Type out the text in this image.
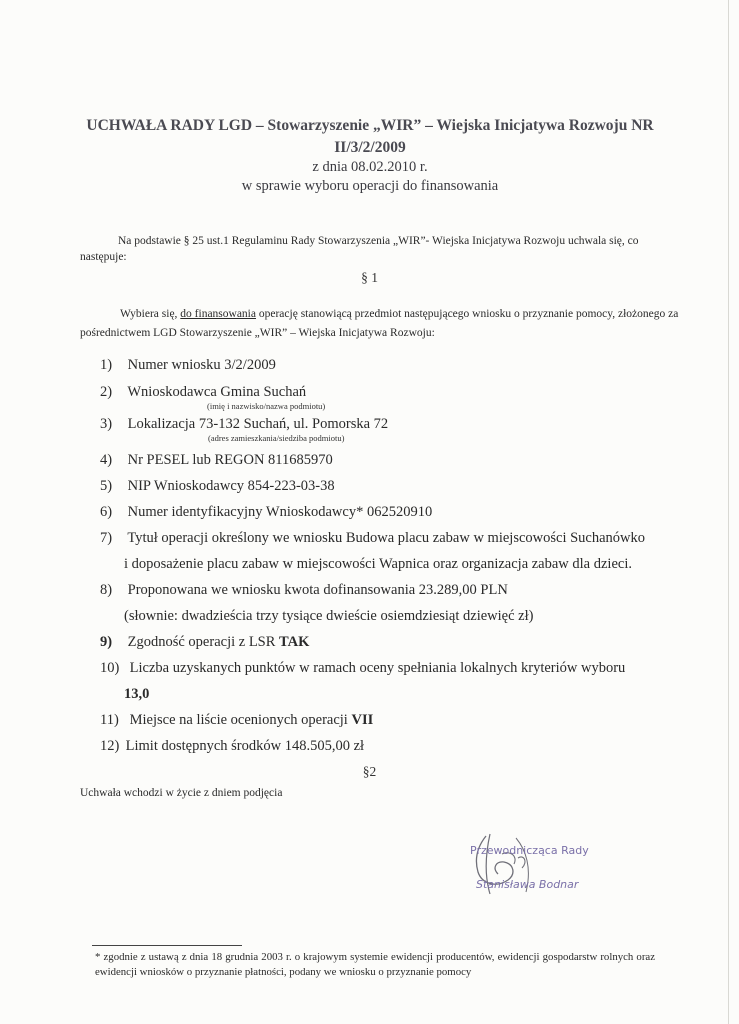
UCHWAŁA RADY LGD – Stowarzyszenie „WIR” – Wiejska Inicjatywa Rozwoju NR
II/3/2/2009
z dnia 08.02.2010 r.
w sprawie wyboru operacji do finansowania
Na podstawie § 25 ust.1 Regulaminu Rady Stowarzyszenia „WIR”- Wiejska Inicjatywa Rozwoju uchwala się, co następuje:
§ 1
Wybiera się, do finansowania operację stanowiącą przedmiot następującego wniosku o przyznanie pomocy, złożonego za pośrednictwem LGD Stowarzyszenie „WIR” – Wiejska Inicjatywa Rozwoju:
1) Numer wniosku 3/2/2009
2) Wnioskodawca Gmina Suchań
(imię i nazwisko/nazwa podmiotu)
3) Lokalizacja 73-132 Suchań, ul. Pomorska 72
(adres zamieszkania/siedziba podmiotu)
4) Nr PESEL lub REGON 811685970
5) NIP Wnioskodawcy 854-223-03-38
6) Numer identyfikacyjny Wnioskodawcy* 062520910
7) Tytuł operacji określony we wniosku Budowa placu zabaw w miejscowości Suchanówko
i doposażenie placu zabaw w miejscowości Wapnica oraz organizacja zabaw dla dzieci.
8) Proponowana we wniosku kwota dofinansowania 23.289,00 PLN
(słownie: dwadzieścia trzy tysiące dwieście osiemdziesiąt dziewięć zł)
9) Zgodność operacji z LSR TAK
10) Liczba uzyskanych punktów w ramach oceny spełniania lokalnych kryteriów wyboru
13,0
11) Miejsce na liście ocenionych operacji VII
12) Limit dostępnych środków 148.505,00 zł
§2
Uchwała wchodzi w życie z dniem podjęcia
Przewodnicząca Rady
Stanisława Bodnar
* zgodnie z ustawą z dnia 18 grudnia 2003 r. o krajowym systemie ewidencji producentów, ewidencji gospodarstw rolnych oraz ewidencji wniosków o przyznanie płatności, podany we wniosku o przyznanie pomocy
